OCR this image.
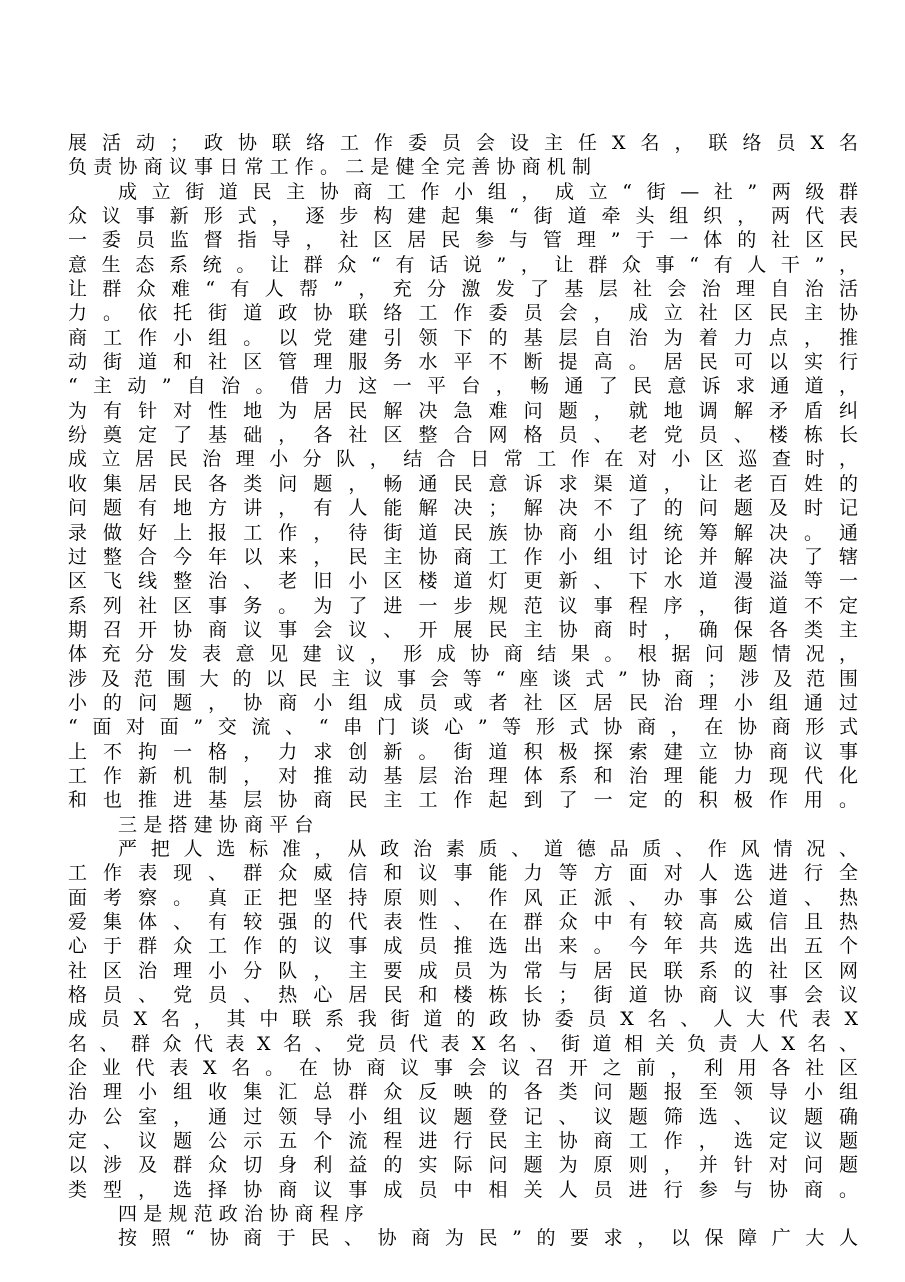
展活动；政协联络工作委员会设主任X名，联络员X名
负责协商议事日常工作。二是健全完善协商机制
成立街道民主协商工作小组，成立“街—社”两级群
众议事新形式，逐步构建起集“街道牵头组织，两代表
一委员监督指导，社区居民参与管理”于一体的社区民
意生态系统。让群众“有话说”，让群众事“有人干”，
让群众难“有人帮”，充分激发了基层社会治理自治活
力。依托街道政协联络工作委员会，成立社区民主协
商工作小组。以党建引领下的基层自治为着力点，推
动街道和社区管理服务水平不断提高。居民可以实行
“主动”自治。借力这一平台，畅通了民意诉求通道，
为有针对性地为居民解决急难问题，就地调解矛盾纠
纷奠定了基础，各社区整合网格员、老党员、楼栋长
成立居民治理小分队，结合日常工作在对小区巡查时，
收集居民各类问题，畅通民意诉求渠道，让老百姓的
问题有地方讲，有人能解决；解决不了的问题及时记
录做好上报工作，待街道民族协商小组统筹解决。通
过整合今年以来，民主协商工作小组讨论并解决了辖
区飞线整治、老旧小区楼道灯更新、下水道漫溢等一
系列社区事务。为了进一步规范议事程序，街道不定
期召开协商议事会议、开展民主协商时，确保各类主
体充分发表意见建议，形成协商结果。根据问题情况，
涉及范围大的以民主议事会等“座谈式”协商；涉及范围
小的问题，协商小组成员或者社区居民治理小组通过
“面对面”交流、“串门谈心”等形式协商，在协商形式
上不拘一格，力求创新。街道积极探索建立协商议事
工作新机制，对推动基层治理体系和治理能力现代化
和也推进基层协商民主工作起到了一定的积极作用。
三是搭建协商平台
严把人选标准，从政治素质、道德品质、作风情况、
工作表现、群众威信和议事能力等方面对人选进行全
面考察。真正把坚持原则、作风正派、办事公道、热
爱集体、有较强的代表性、在群众中有较高威信且热
心于群众工作的议事成员推选出来。今年共选出五个
社区治理小分队，主要成员为常与居民联系的社区网
格员、党员、热心居民和楼栋长；街道协商议事会议
成员X名，其中联系我街道的政协委员X名、人大代表X
名、群众代表X名、党员代表X名、街道相关负责人X名、
企业代表X名。在协商议事会议召开之前，利用各社区
治理小组收集汇总群众反映的各类问题报至领导小组
办公室，通过领导小组议题登记、议题筛选、议题确
定、议题公示五个流程进行民主协商工作，选定议题
以涉及群众切身利益的实际问题为原则，并针对问题
类型，选择协商议事成员中相关人员进行参与协商。
四是规范政治协商程序
按照“协商于民、协商为民”的要求，以保障广大人
